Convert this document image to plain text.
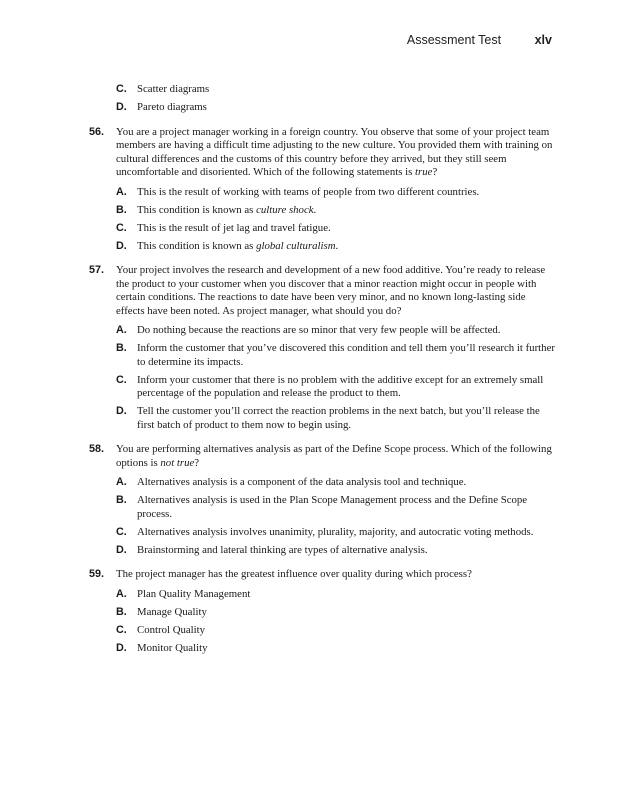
Assessment Test	xlv
C. Scatter diagrams
D. Pareto diagrams
56. You are a project manager working in a foreign country. You observe that some of your project team members are having a difficult time adjusting to the new culture. You provided them with training on cultural differences and the customs of this country before they arrived, but they still seem uncomfortable and disoriented. Which of the following statements is true?
A. This is the result of working with teams of people from two different countries.
B. This condition is known as culture shock.
C. This is the result of jet lag and travel fatigue.
D. This condition is known as global culturalism.
57. Your project involves the research and development of a new food additive. You’re ready to release the product to your customer when you discover that a minor reaction might occur in people with certain conditions. The reactions to date have been very minor, and no known long-lasting side effects have been noted. As project manager, what should you do?
A. Do nothing because the reactions are so minor that very few people will be affected.
B. Inform the customer that you’ve discovered this condition and tell them you’ll research it further to determine its impacts.
C. Inform your customer that there is no problem with the additive except for an extremely small percentage of the population and release the product to them.
D. Tell the customer you’ll correct the reaction problems in the next batch, but you’ll release the first batch of product to them now to begin using.
58. You are performing alternatives analysis as part of the Define Scope process. Which of the following options is not true?
A. Alternatives analysis is a component of the data analysis tool and technique.
B. Alternatives analysis is used in the Plan Scope Management process and the Define Scope process.
C. Alternatives analysis involves unanimity, plurality, majority, and autocratic voting methods.
D. Brainstorming and lateral thinking are types of alternative analysis.
59. The project manager has the greatest influence over quality during which process?
A. Plan Quality Management
B. Manage Quality
C. Control Quality
D. Monitor Quality
